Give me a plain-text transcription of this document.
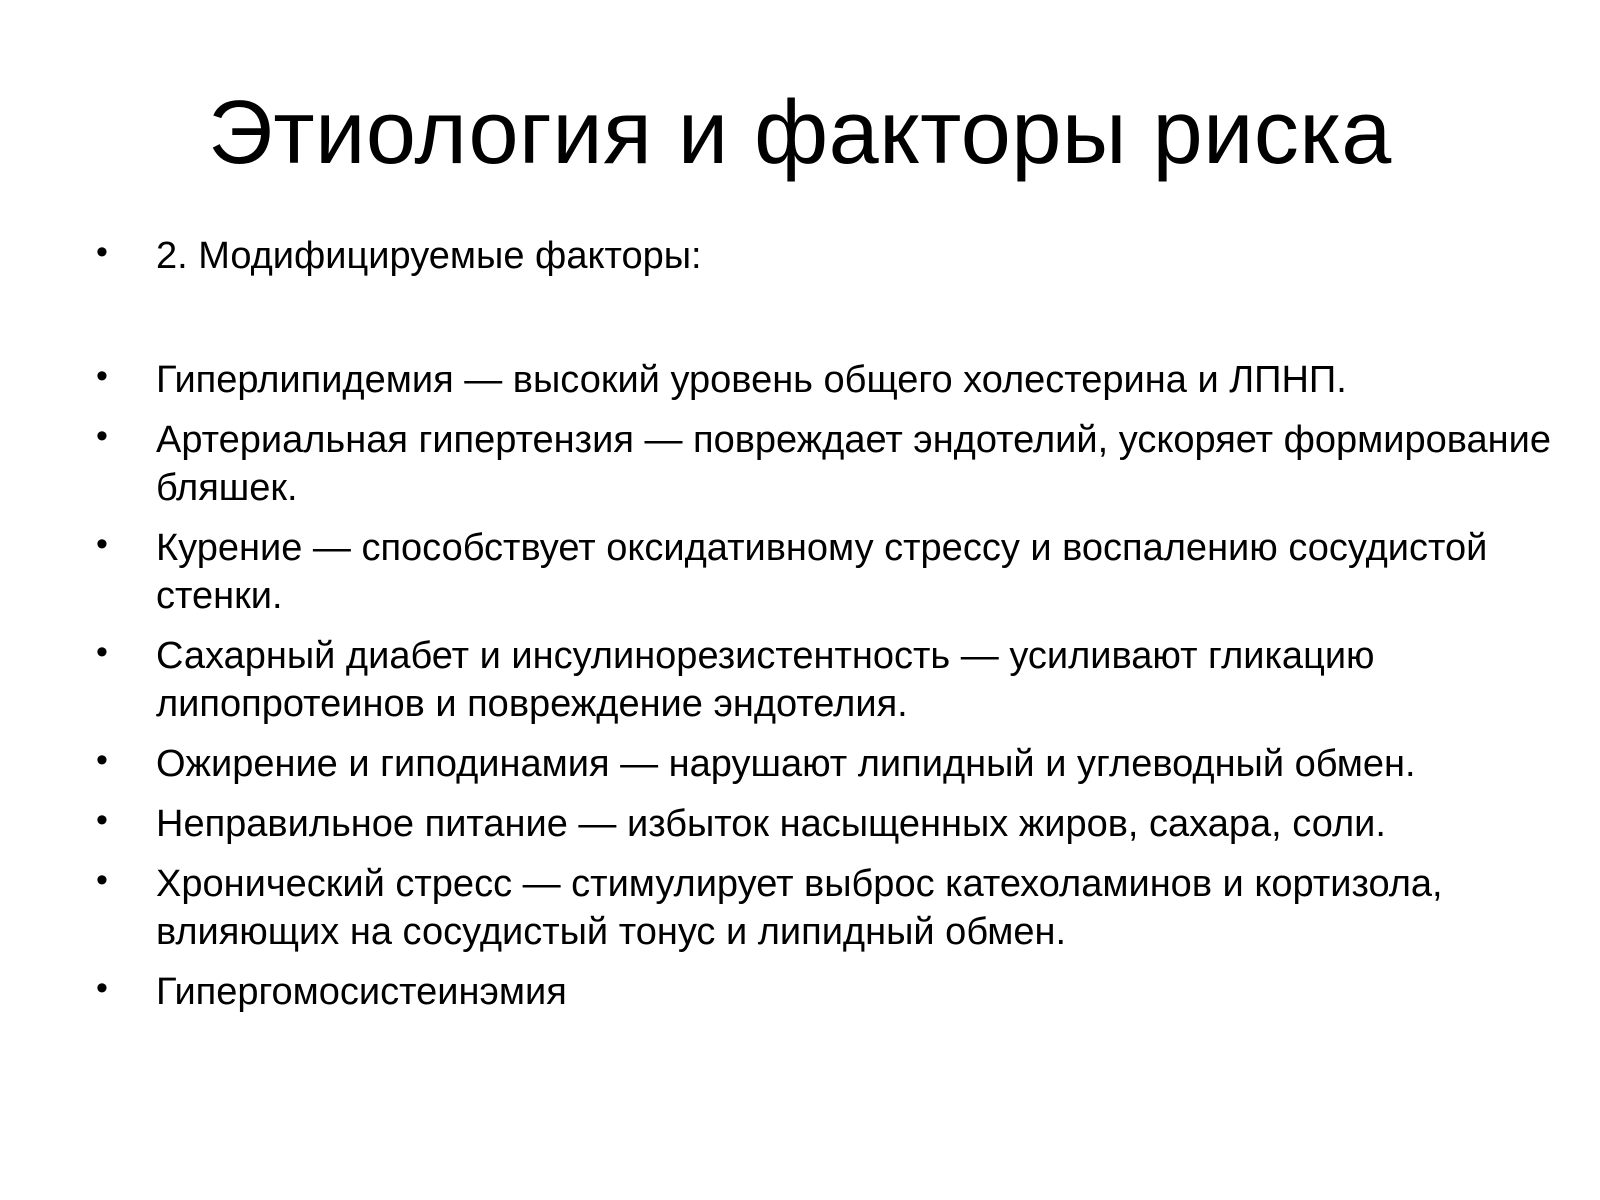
Этиология и факторы риска
• 2. Модифицируемые факторы:
• Гиперлипидемия — высокий уровень общего холестерина и ЛПНП.
• Артериальная гипертензия — повреждает эндотелий, ускоряет формирование бляшек.
• Курение — способствует оксидативному стрессу и воспалению сосудистой стенки.
• Сахарный диабет и инсулинорезистентность — усиливают гликацию липопротеинов и повреждение эндотелия.
• Ожирение и гиподинамия — нарушают липидный и углеводный обмен.
• Неправильное питание — избыток насыщенных жиров, сахара, соли.
• Хронический стресс — стимулирует выброс катехоламинов и кортизола, влияющих на сосудистый тонус и липидный обмен.
• Гипергомосистеинэмия
